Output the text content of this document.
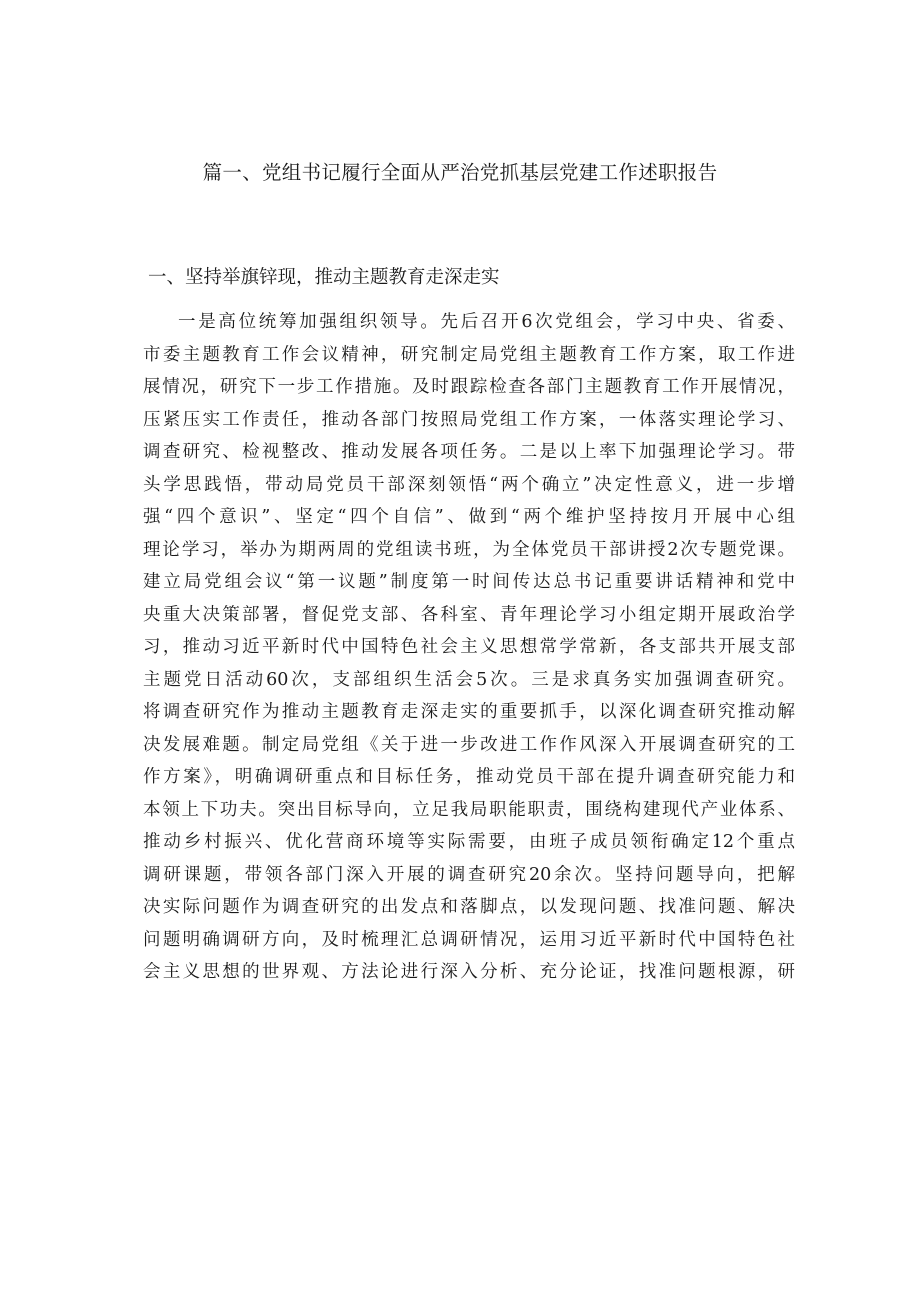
篇一、党组书记履行全面从严治党抓基层党建工作述职报告
一、坚持举旗锌现，推动主题教育走深走实
一是高位统筹加强组织领导。先后召开6次党组会，学习中央、省委、
市委主题教育工作会议精神，研究制定局党组主题教育工作方案，取工作进
展情况，研究下一步工作措施。及时跟踪检查各部门主题教育工作开展情况，
压紧压实工作责任，推动各部门按照局党组工作方案，一体落实理论学习、
调查研究、检视整改、推动发展各项任务。二是以上率下加强理论学习。带
头学思践悟，带动局党员干部深刻领悟“两个确立”决定性意义，进一步增
强“四个意识”、坚定“四个自信”、做到“两个维护坚持按月开展中心组
理论学习，举办为期两周的党组读书班，为全体党员干部讲授2次专题党课。
建立局党组会议“第一议题”制度第一时间传达总书记重要讲话精神和党中
央重大决策部署，督促党支部、各科室、青年理论学习小组定期开展政治学
习，推动习近平新时代中国特色社会主义思想常学常新，各支部共开展支部
主题党日活动60次，支部组织生活会5次。三是求真务实加强调查研究。
将调查研究作为推动主题教育走深走实的重要抓手，以深化调查研究推动解
决发展难题。制定局党组《关于进一步改进工作作风深入开展调查研究的工
作方案》，明确调研重点和目标任务，推动党员干部在提升调查研究能力和
本领上下功夫。突出目标导向，立足我局职能职责，围绕构建现代产业体系、
推动乡村振兴、优化营商环境等实际需要，由班子成员领衔确定12个重点
调研课题，带领各部门深入开展的调查研究20余次。坚持问题导向，把解
决实际问题作为调查研究的出发点和落脚点，以发现问题、找准问题、解决
问题明确调研方向，及时梳理汇总调研情况，运用习近平新时代中国特色社
会主义思想的世界观、方法论进行深入分析、充分论证，找准问题根源，研
